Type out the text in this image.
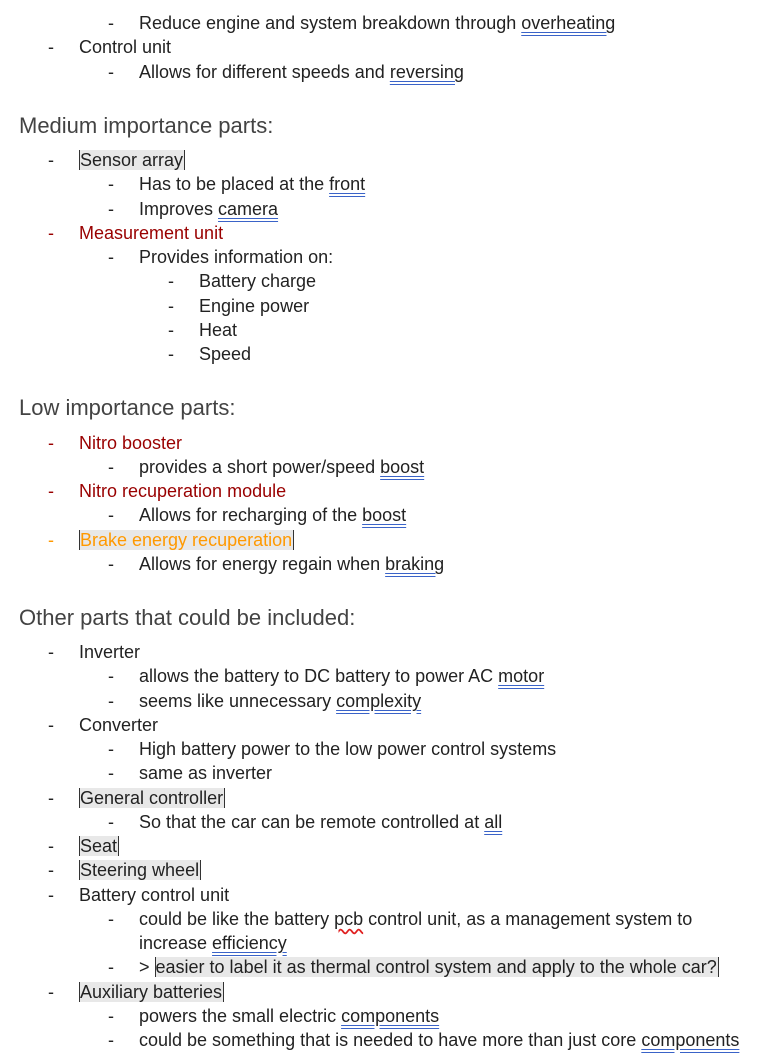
- Reduce engine and system breakdown through overheating
- Control unit
- Allows for different speeds and reversing
Medium importance parts:
- Sensor array
- Has to be placed at the front
- Improves camera
- Measurement unit
- Provides information on:
- Battery charge
- Engine power
- Heat
- Speed
Low importance parts:
- Nitro booster
- provides a short power/speed boost
- Nitro recuperation module
- Allows for recharging of the boost
- Brake energy recuperation
- Allows for energy regain when braking
Other parts that could be included:
- Inverter
- allows the battery to DC battery to power AC motor
- seems like unnecessary complexity
- Converter
- High battery power to the low power control systems
- same as inverter
- General controller
- So that the car can be remote controlled at all
- Seat
- Steering wheel
- Battery control unit
- could be like the battery pcb control unit, as a management system to
increase efficiency
- > easier to label it as thermal control system and apply to the whole car?
- Auxiliary batteries
- powers the small electric components
- could be something that is needed to have more than just core components
